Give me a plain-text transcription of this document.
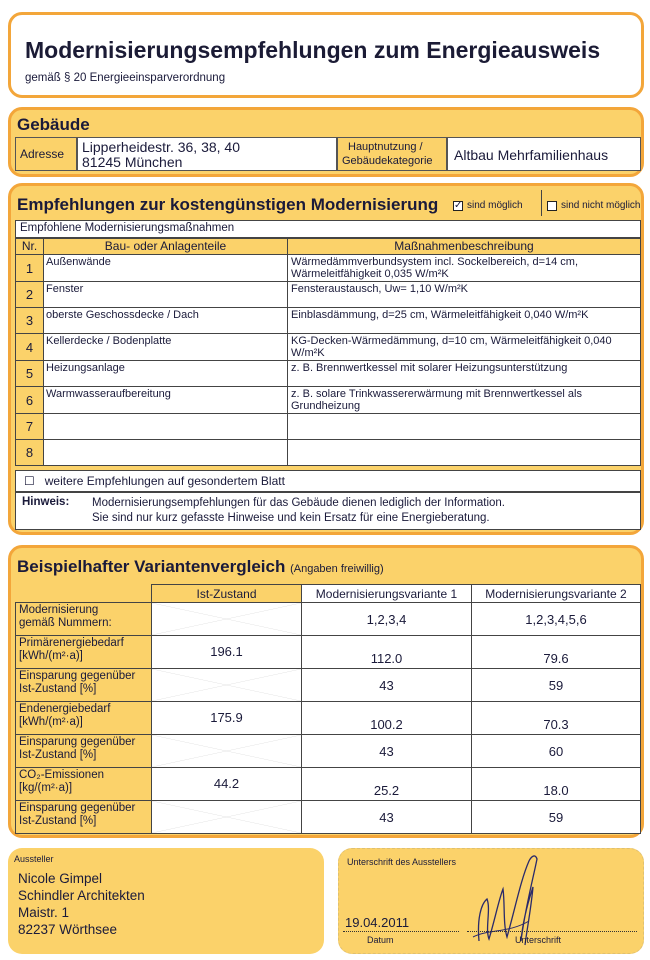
Modernisierungsempfehlungen zum Energieausweis
gemäß § 20 Energieeinsparverordnung
Gebäude
Adresse Lipperheidestr. 36, 38, 40
81245 München
Hauptnutzung /
Gebäudekategorie Altbau Mehrfamilienhaus
Empfehlungen zur kostengünstigen Modernisierung ✓ sind möglich	sind nicht möglich
Empfohlene Modernisierungsmaßnahmen
Nr.	Bau- oder Anlagenteile	Maßnahmenbeschreibung
1	Außenwände	Wärmedämmverbundsystem incl. Sockelbereich, d=14 cm, Wärmeleitfähigkeit 0,035 W/m²K
2	Fenster	Fensteraustausch, Uw= 1,10 W/m²K
3	oberste Geschossdecke / Dach	Einblasdämmung, d=25 cm, Wärmeleitfähigkeit 0,040 W/m²K
4	Kellerdecke / Bodenplatte	KG-Decken-Wärmedämmung, d=10 cm, Wärmeleitfähigkeit 0,040 W/m²K
5	Heizungsanlage	z. B. Brennwertkessel mit solarer Heizungsunterstützung
6	Warmwasseraufbereitung	z. B. solare Trinkwassererwärmung mit Brennwertkessel als Grundheizung
7		
8		
☐ weitere Empfehlungen auf gesondertem Blatt
Hinweis: Modernisierungsempfehlungen für das Gebäude dienen lediglich der Information.
Sie sind nur kurz gefasste Hinweise und kein Ersatz für eine Energieberatung.
Beispielhafter Variantenvergleich (Angaben freiwillig)
	Ist-Zustand	Modernisierungsvariante 1	Modernisierungsvariante 2
Modernisierung
gemäß Nummern:		1,2,3,4	1,2,3,4,5,6
Primärenergiebedarf
[kWh/(m²·a)]	196.1	112.0	79.6
Einsparung gegenüber
Ist-Zustand [%]		43	59
Endenergiebedarf
[kWh/(m²·a)]	175.9	100.2	70.3
Einsparung gegenüber
Ist-Zustand [%]		43	60
CO₂-Emissionen
[kg/(m²·a)]	44.2	25.2	18.0
Einsparung gegenüber
Ist-Zustand [%]		43	59
Aussteller
Nicole Gimpel
Schindler Architekten
Maistr. 1
82237 Wörthsee
Unterschrift des Ausstellers
19.04.2011
Datum	Unterschrift
